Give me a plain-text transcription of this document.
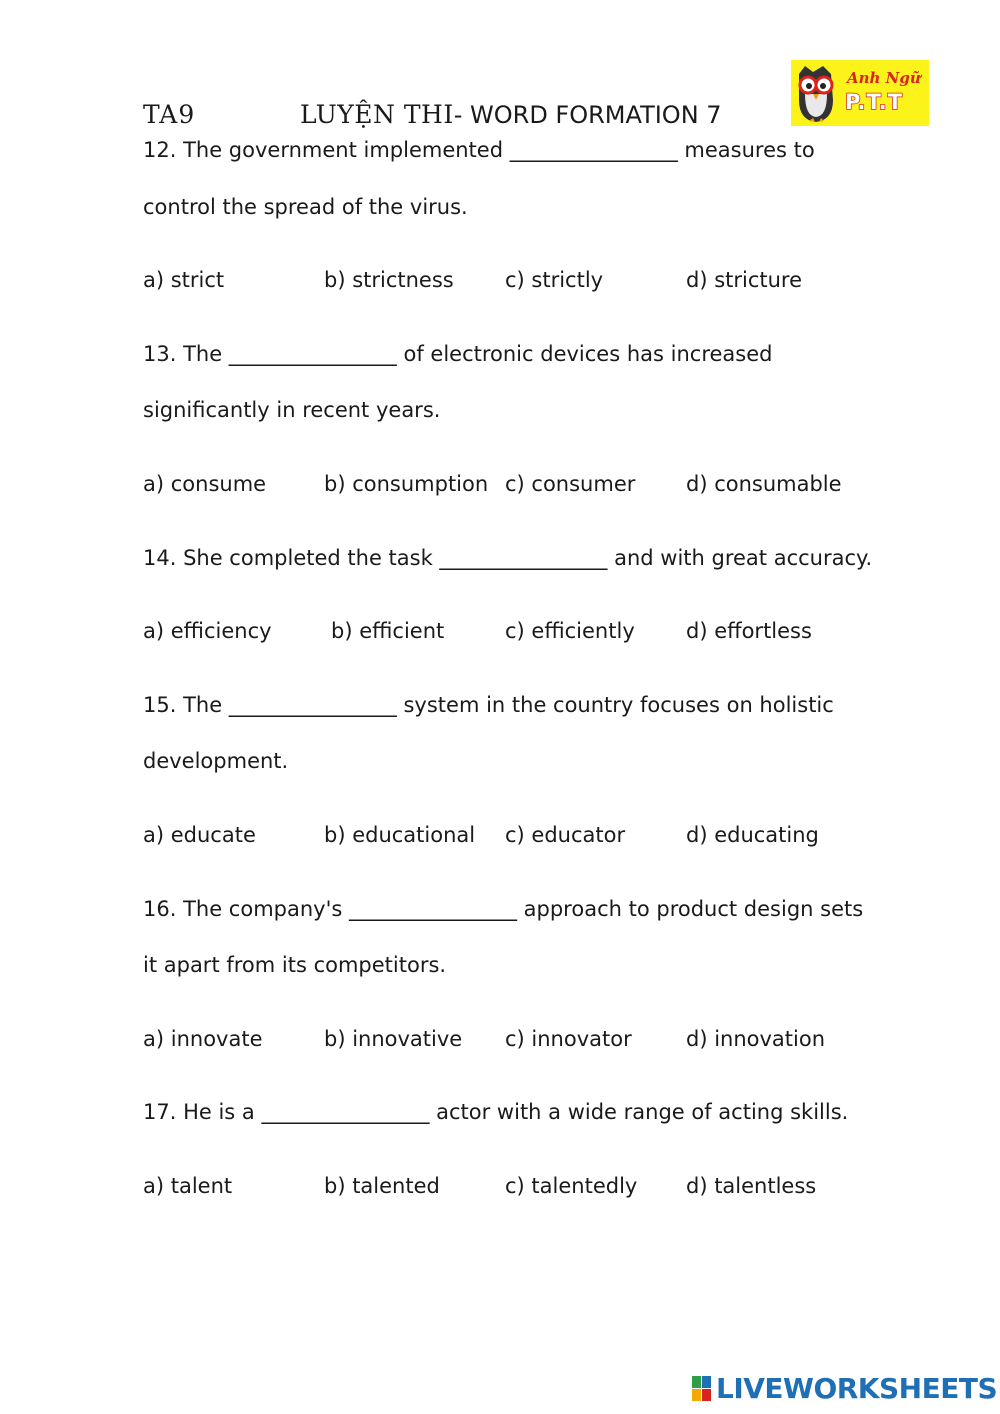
TA9	LUYỆN THI- WORD FORMATION 7
Anh Ngữ
P.T.T
12. The government implemented ________________ measures to
control the spread of the virus.
a) strict	b) strictness c) strictly	d) stricture
13. The ________________ of electronic devices has increased
significantly in recent years.
a) consume	b) consumption c) consumer d) consumable
14. She completed the task ________________ and with great accuracy.
a) efficiency	b) efficient	c) efficiently d) effortless
15. The ________________ system in the country focuses on holistic
development.
a) educate	b) educational c) educator	d) educating
16. The company's ________________ approach to product design sets
it apart from its competitors.
a) innovate	b) innovative c) innovator	d) innovation
17. He is a ________________ actor with a wide range of acting skills.
a) talent	b) talented	c) talentedly d) talentless
LIVEWORKSHEETS
